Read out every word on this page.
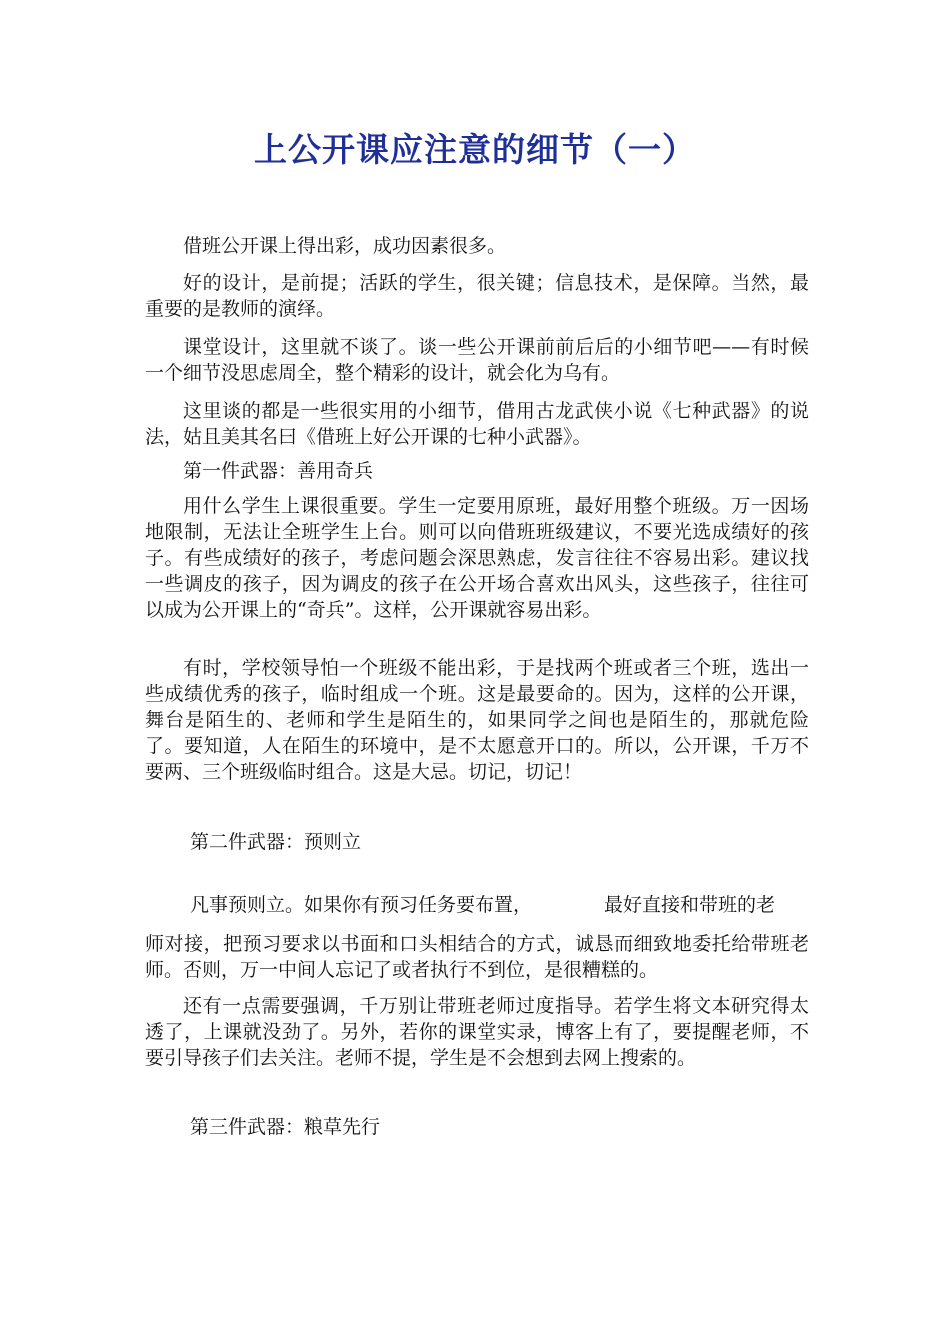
上公开课应注意的细节（一）

借班公开课上得出彩，成功因素很多。

好的设计，是前提；活跃的学生，很关键；信息技术，是保障。当然，最重要的是教师的演绎。

课堂设计，这里就不谈了。谈一些公开课前前后后的小细节吧——有时候一个细节没思虑周全，整个精彩的设计，就会化为乌有。

这里谈的都是一些很实用的小细节，借用古龙武侠小说《七种武器》的说法，姑且美其名曰《借班上好公开课的七种小武器》。

第一件武器：善用奇兵

用什么学生上课很重要。学生一定要用原班，最好用整个班级。万一因场地限制，无法让全班学生上台。则可以向借班班级建议，不要光选成绩好的孩子。有些成绩好的孩子，考虑问题会深思熟虑，发言往往不容易出彩。建议找一些调皮的孩子，因为调皮的孩子在公开场合喜欢出风头，这些孩子，往往可以成为公开课上的“奇兵”。这样，公开课就容易出彩。

有时，学校领导怕一个班级不能出彩，于是找两个班或者三个班，选出一些成绩优秀的孩子，临时组成一个班。这是最要命的。因为，这样的公开课，舞台是陌生的、老师和学生是陌生的，如果同学之间也是陌生的，那就危险了。要知道，人在陌生的环境中，是不太愿意开口的。所以，公开课，千万不要两、三个班级临时组合。这是大忌。切记，切记！

第二件武器：预则立

凡事预则立。如果你有预习任务要布置，	最好直接和带班的老

师对接，把预习要求以书面和口头相结合的方式，诚恳而细致地委托给带班老师。否则，万一中间人忘记了或者执行不到位，是很糟糕的。

还有一点需要强调，千万别让带班老师过度指导。若学生将文本研究得太透了，上课就没劲了。另外，若你的课堂实录，博客上有了，要提醒老师，不要引导孩子们去关注。老师不提，学生是不会想到去网上搜索的。

第三件武器：粮草先行
